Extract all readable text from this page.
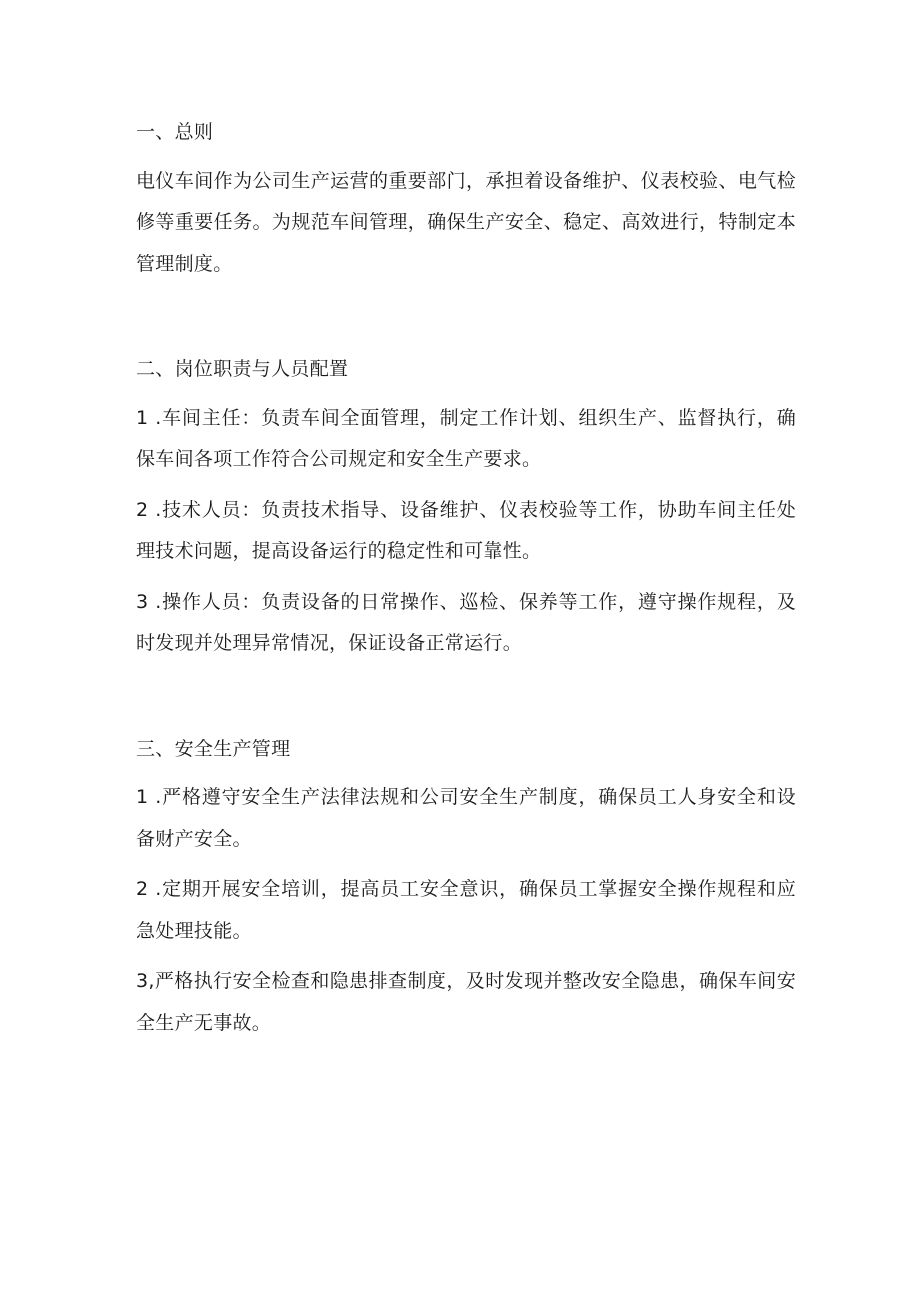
一、总则

电仪车间作为公司生产运营的重要部门，承担着设备维护、仪表校验、电气检修等重要任务。为规范车间管理，确保生产安全、稳定、高效进行，特制定本管理制度。

二、岗位职责与人员配置

1 .车间主任：负责车间全面管理，制定工作计划、组织生产、监督执行，确保车间各项工作符合公司规定和安全生产要求。

2 .技术人员：负责技术指导、设备维护、仪表校验等工作，协助车间主任处理技术问题，提高设备运行的稳定性和可靠性。

3 .操作人员：负责设备的日常操作、巡检、保养等工作，遵守操作规程，及时发现并处理异常情况，保证设备正常运行。

三、安全生产管理

1 .严格遵守安全生产法律法规和公司安全生产制度，确保员工人身安全和设备财产安全。

2 .定期开展安全培训，提高员工安全意识，确保员工掌握安全操作规程和应急处理技能。

3,严格执行安全检查和隐患排查制度，及时发现并整改安全隐患，确保车间安全生产无事故。
